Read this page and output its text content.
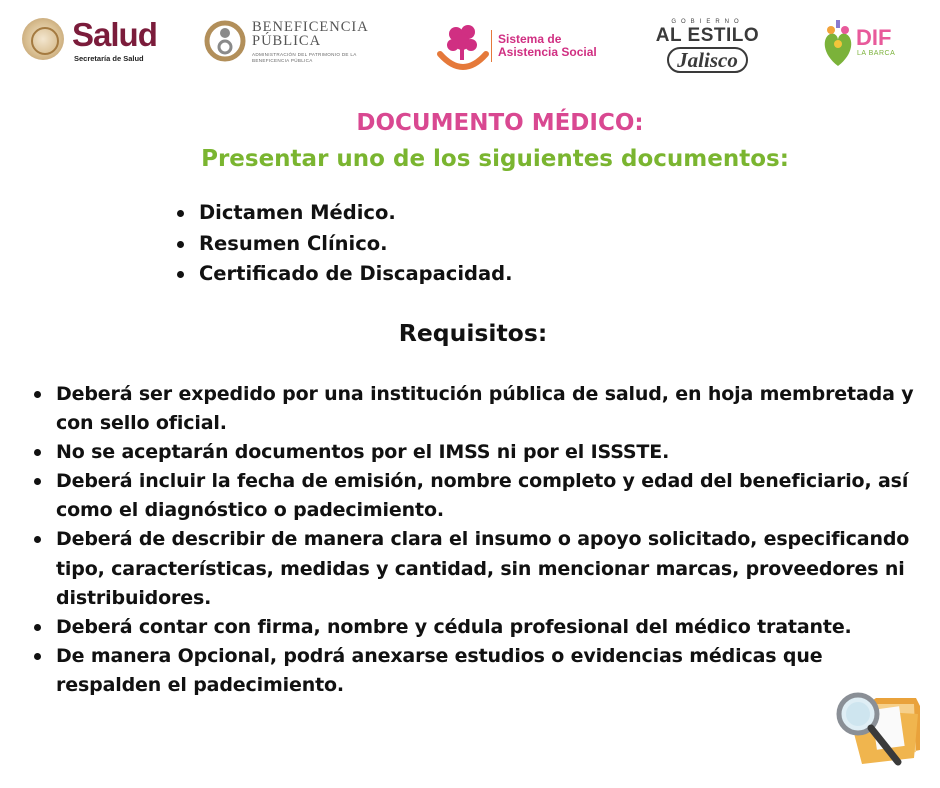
Salud
Secretaría de Salud
BENEFICENCIA
PÚBLICA
ADMINISTRACIÓN DEL PATRIMONIO DE LA BENEFICENCIA PÚBLICA
Sistema de
Asistencia Social
GOBIERNO
AL ESTILO
Jalisco
DIF
LA BARCA
DOCUMENTO MÉDICO:
Presentar uno de los siguientes documentos:
Dictamen Médico.
Resumen Clínico.
Certificado de Discapacidad.
Requisitos:
Deberá ser expedido por una institución pública de salud, en hoja membretada y con sello oficial.
No se aceptarán documentos por el IMSS ni por el ISSSTE.
Deberá incluir la fecha de emisión, nombre completo y edad del beneficiario, así como el diagnóstico o padecimiento.
Deberá de describir de manera clara el insumo o apoyo solicitado, especificando tipo, características, medidas y cantidad, sin mencionar marcas, proveedores ni distribuidores.
Deberá contar con firma, nombre y cédula profesional del médico tratante.
De manera Opcional, podrá anexarse estudios o evidencias médicas que respalden el padecimiento.
